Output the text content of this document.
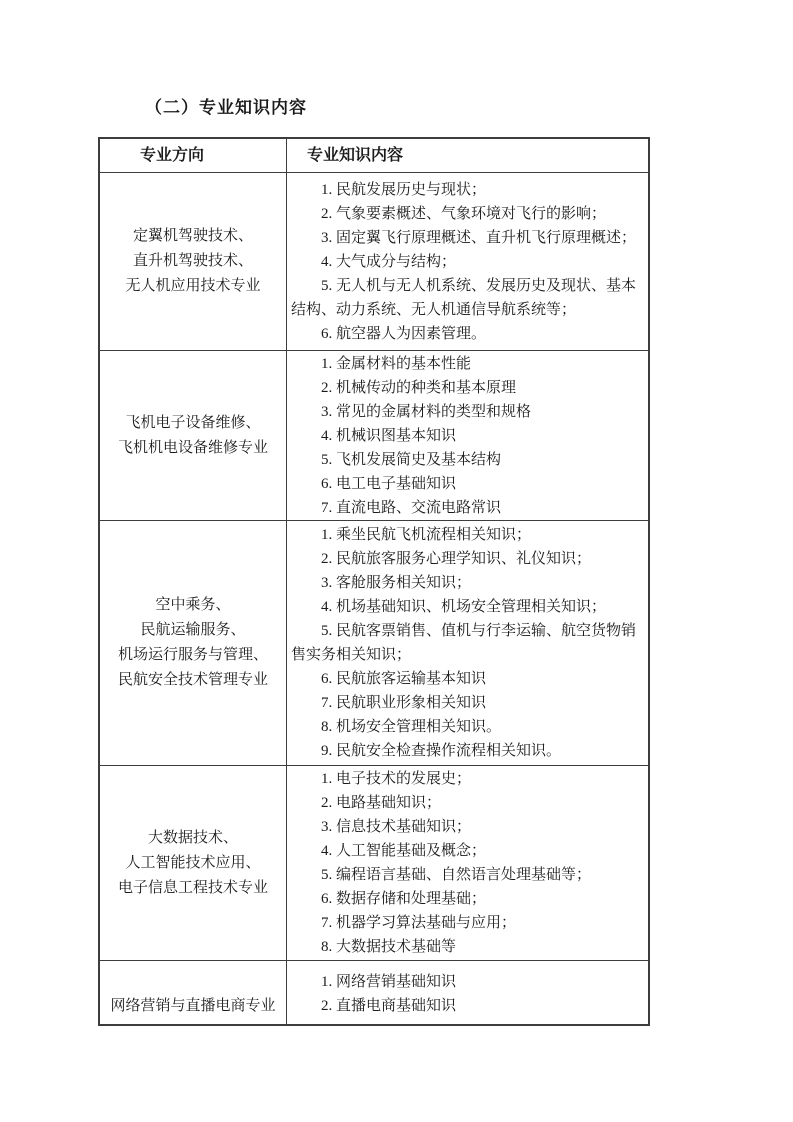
（二）专业知识内容
专业方向	专业知识内容
定翼机驾驶技术、
直升机驾驶技术、
无人机应用技术专业
1. 民航发展历史与现状；
2. 气象要素概述、气象环境对飞行的影响；
3. 固定翼飞行原理概述、直升机飞行原理概述；
4. 大气成分与结构；
5. 无人机与无人机系统、发展历史及现状、基本结构、动力系统、无人机通信导航系统等；
6. 航空器人为因素管理。
飞机电子设备维修、
飞机机电设备维修专业
1. 金属材料的基本性能
2. 机械传动的种类和基本原理
3. 常见的金属材料的类型和规格
4. 机械识图基本知识
5. 飞机发展简史及基本结构
6. 电工电子基础知识
7. 直流电路、交流电路常识
空中乘务、
民航运输服务、
机场运行服务与管理、
民航安全技术管理专业
1. 乘坐民航飞机流程相关知识；
2. 民航旅客服务心理学知识、礼仪知识；
3. 客舱服务相关知识；
4. 机场基础知识、机场安全管理相关知识；
5. 民航客票销售、值机与行李运输、航空货物销售实务相关知识；
6. 民航旅客运输基本知识
7. 民航职业形象相关知识
8. 机场安全管理相关知识。
9. 民航安全检查操作流程相关知识。
大数据技术、
人工智能技术应用、
电子信息工程技术专业
1. 电子技术的发展史；
2. 电路基础知识；
3. 信息技术基础知识；
4. 人工智能基础及概念；
5. 编程语言基础、自然语言处理基础等；
6. 数据存储和处理基础；
7. 机器学习算法基础与应用；
8. 大数据技术基础等
网络营销与直播电商专业
1. 网络营销基础知识
2. 直播电商基础知识
